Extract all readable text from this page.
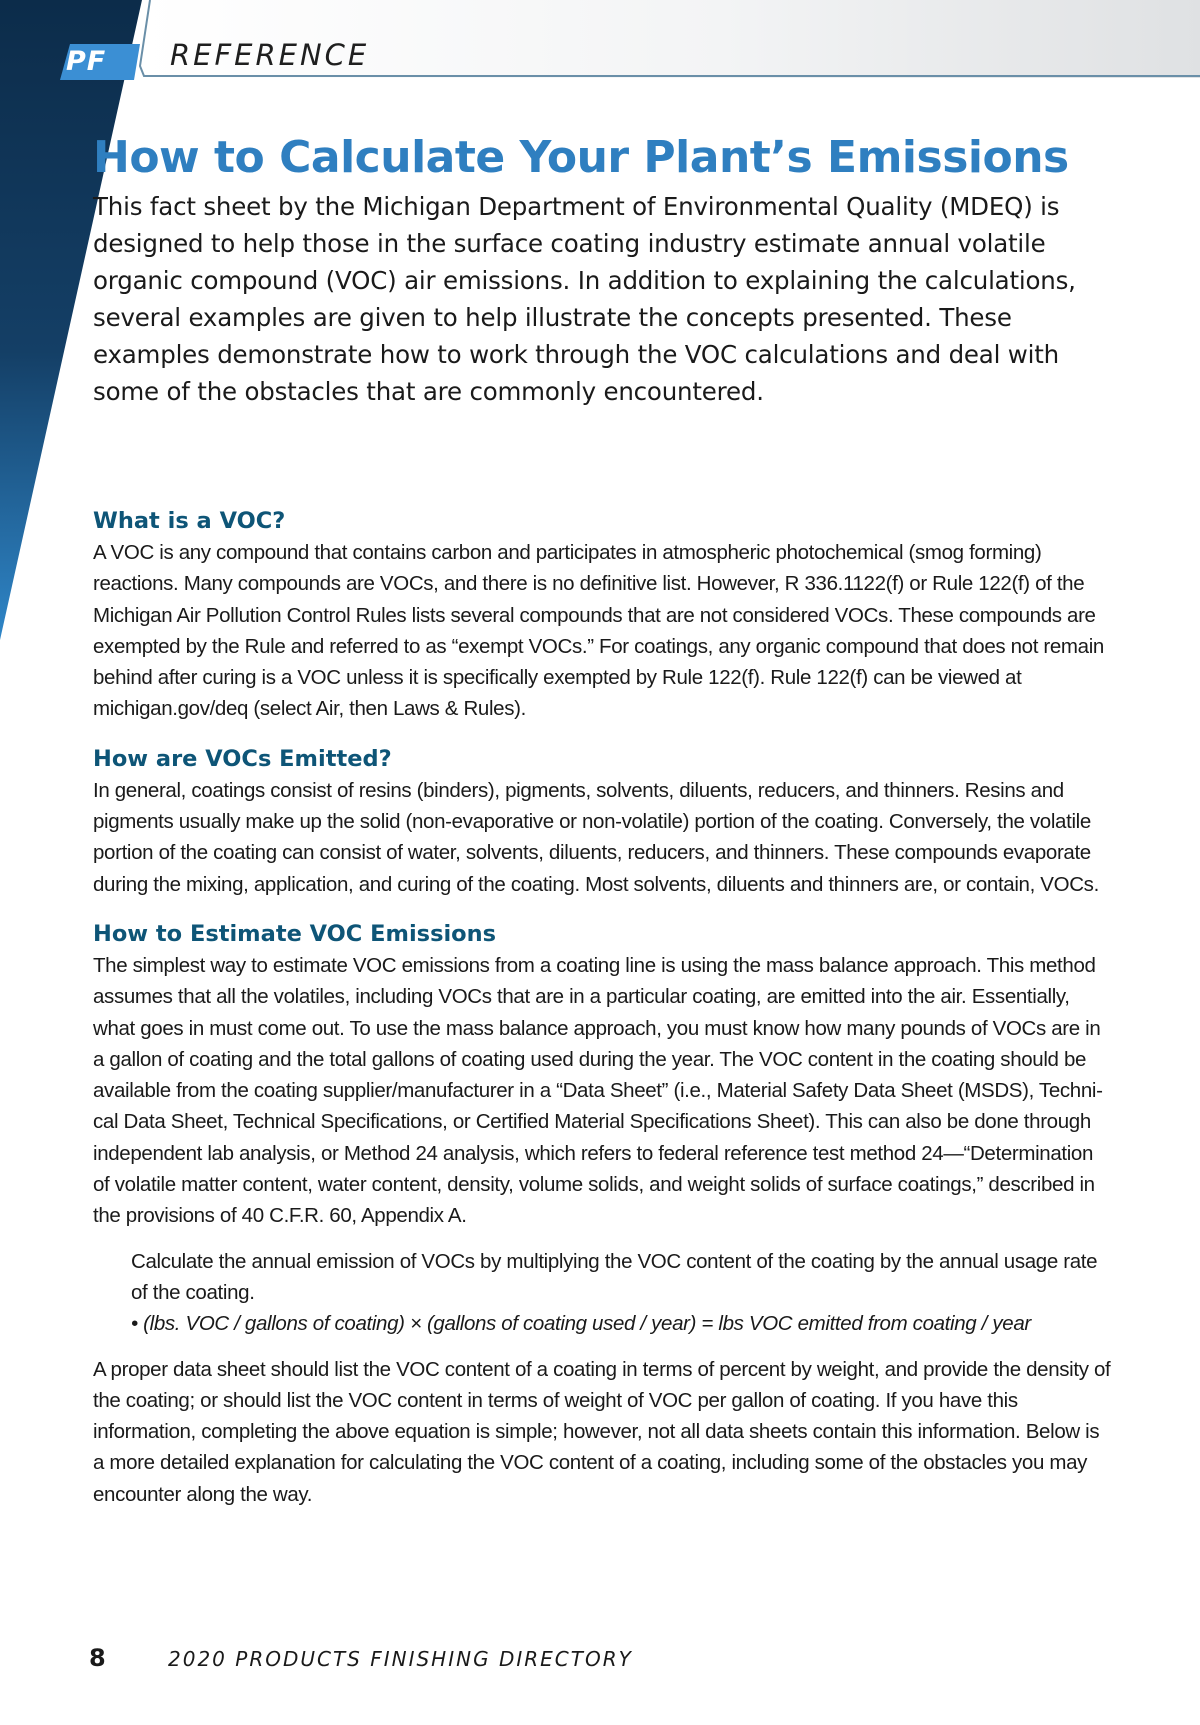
PF	REFERENCE
How to Calculate Your Plant’s Emissions

This fact sheet by the Michigan Department of Environmental Quality (MDEQ) is designed to help those in the surface coating industry estimate annual volatile organic compound (VOC) air emissions. In addition to explaining the calculations, several examples are given to help illustrate the concepts presented. These examples demonstrate how to work through the VOC calculations and deal with some of the obstacles that are commonly encountered.

What is a VOC?

A VOC is any compound that contains carbon and participates in atmospheric photochemical (smog forming) reactions. Many compounds are VOCs, and there is no definitive list. However, R 336.1122(f) or Rule 122(f) of the Michigan Air Pollution Control Rules lists several compounds that are not considered VOCs. These compounds are exempted by the Rule and referred to as “exempt VOCs.” For coatings, any organic compound that does not remain behind after curing is a VOC unless it is specifically exempted by Rule 122(f). Rule 122(f) can be viewed at michigan.gov/deq (select Air, then Laws & Rules).

How are VOCs Emitted?

In general, coatings consist of resins (binders), pigments, solvents, diluents, reducers, and thinners. Resins and pigments usually make up the solid (non-evaporative or non-volatile) portion of the coating. Conversely, the volatile portion of the coating can consist of water, solvents, diluents, reducers, and thinners. These compounds evaporate during the mixing, application, and curing of the coating. Most solvents, diluents and thinners are, or contain, VOCs.

How to Estimate VOC Emissions

The simplest way to estimate VOC emissions from a coating line is using the mass balance approach. This method assumes that all the volatiles, including VOCs that are in a particular coating, are emitted into the air. Essentially, what goes in must come out. To use the mass balance approach, you must know how many pounds of VOCs are in a gallon of coating and the total gallons of coating used during the year. The VOC content in the coating should be available from the coating supplier/manufacturer in a “Data Sheet” (i.e., Material Safety Data Sheet (MSDS), Techni-cal Data Sheet, Technical Specifications, or Certified Material Specifications Sheet). This can also be done through independent lab analysis, or Method 24 analysis, which refers to federal reference test method 24—“Determination of volatile matter content, water content, density, volume solids, and weight solids of surface coatings,” described in the provisions of 40 C.F.R. 60, Appendix A.

Calculate the annual emission of VOCs by multiplying the VOC content of the coating by the annual usage rate of the coating.

• (lbs. VOC / gallons of coating) × (gallons of coating used / year) = lbs VOC emitted from coating / year

A proper data sheet should list the VOC content of a coating in terms of percent by weight, and provide the density of the coating; or should list the VOC content in terms of weight of VOC per gallon of coating. If you have this information, completing the above equation is simple; however, not all data sheets contain this information. Below is a more detailed explanation for calculating the VOC content of a coating, including some of the obstacles you may encounter along the way.

8	2020 PRODUCTS FINISHING DIRECTORY
